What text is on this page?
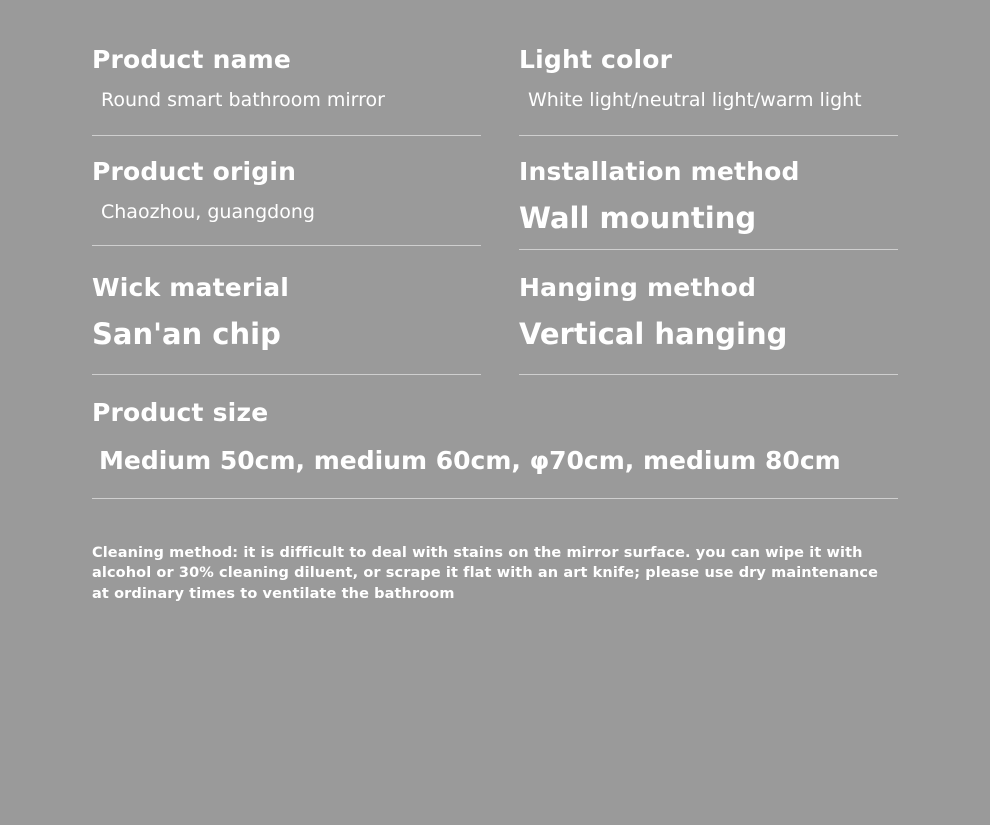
Product name
Round smart bathroom mirror
Light color
White light/neutral light/warm light
Product origin
Chaozhou, guangdong
Installation method
Wall mounting
Wick material
San'an chip
Hanging method
Vertical hanging
Product size
Medium 50cm, medium 60cm, φ70cm, medium 80cm
Cleaning method: it is difficult to deal with stains on the mirror surface. you can wipe it with alcohol or 30% cleaning diluent, or scrape it flat with an art knife; please use dry maintenance at ordinary times to ventilate the bathroom
